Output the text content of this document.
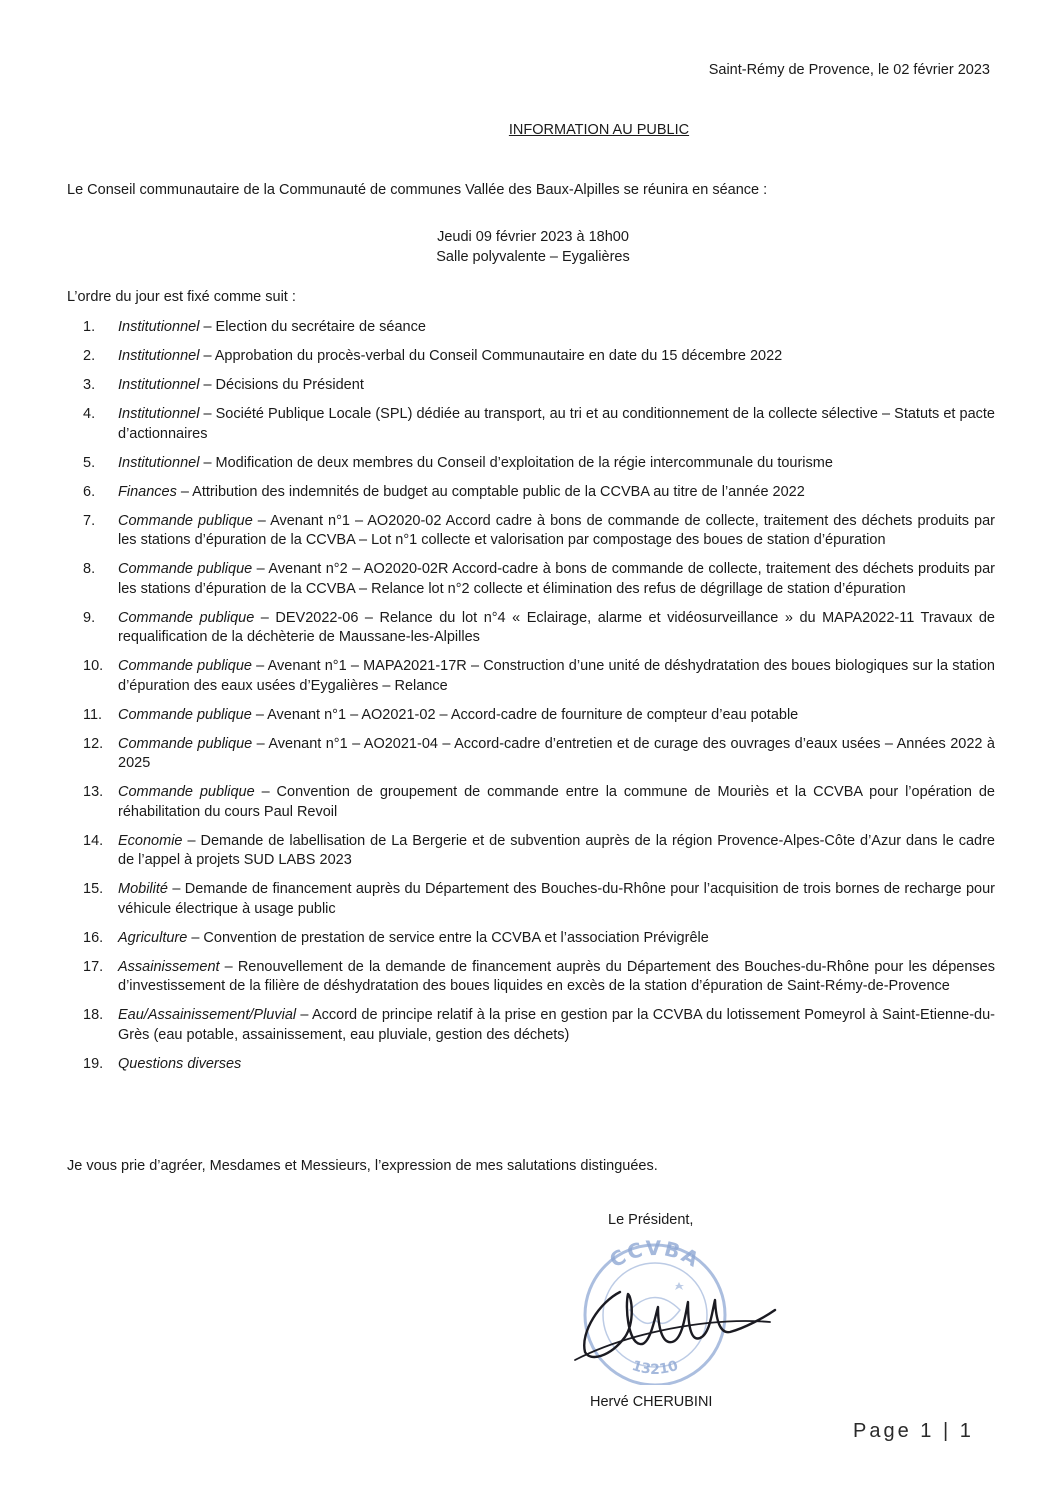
Saint-Rémy de Provence, le 02 février 2023
INFORMATION AU PUBLIC
Le Conseil communautaire de la Communauté de communes Vallée des Baux-Alpilles se réunira en séance :
Jeudi 09 février 2023 à 18h00
Salle polyvalente – Eygalières
L’ordre du jour est fixé comme suit :
1.	Institutionnel – Election du secrétaire de séance
2.	Institutionnel – Approbation du procès-verbal du Conseil Communautaire en date du 15 décembre 2022
3.	Institutionnel – Décisions du Président
4.	Institutionnel – Société Publique Locale (SPL) dédiée au transport, au tri et au conditionnement de la collecte sélective – Statuts et pacte d’actionnaires
5.	Institutionnel – Modification de deux membres du Conseil d’exploitation de la régie intercommunale du tourisme
6.	Finances – Attribution des indemnités de budget au comptable public de la CCVBA au titre de l’année 2022
7.	Commande publique – Avenant n°1 – AO2020-02 Accord cadre à bons de commande de collecte, traitement des déchets produits par les stations d’épuration de la CCVBA – Lot n°1 collecte et valorisation par compostage des boues de station d’épuration
8.	Commande publique – Avenant n°2 – AO2020-02R Accord-cadre à bons de commande de collecte, traitement des déchets produits par les stations d’épuration de la CCVBA – Relance lot n°2 collecte et élimination des refus de dégrillage de station d’épuration
9.	Commande publique – DEV2022-06 – Relance du lot n°4 « Eclairage, alarme et vidéosurveillance » du MAPA2022-11 Travaux de requalification de la déchèterie de Maussane-les-Alpilles
10.	Commande publique – Avenant n°1 – MAPA2021-17R – Construction d’une unité de déshydratation des boues biologiques sur la station d’épuration des eaux usées d’Eygalières – Relance
11.	Commande publique – Avenant n°1 – AO2021-02 – Accord-cadre de fourniture de compteur d’eau potable
12.	Commande publique – Avenant n°1 – AO2021-04 – Accord-cadre d’entretien et de curage des ouvrages d’eaux usées – Années 2022 à 2025
13.	Commande publique – Convention de groupement de commande entre la commune de Mouriès et la CCVBA pour l’opération de réhabilitation du cours Paul Revoil
14.	Economie – Demande de labellisation de La Bergerie et de subvention auprès de la région Provence-Alpes-Côte d’Azur dans le cadre de l’appel à projets SUD LABS 2023
15.	Mobilité – Demande de financement auprès du Département des Bouches-du-Rhône pour l’acquisition de trois bornes de recharge pour véhicule électrique à usage public
16.	Agriculture – Convention de prestation de service entre la CCVBA et l’association Prévigrêle
17.	Assainissement – Renouvellement de la demande de financement auprès du Département des Bouches-du-Rhône pour les dépenses d’investissement de la filière de déshydratation des boues liquides en excès de la station d’épuration de Saint-Rémy-de-Provence
18.	Eau/Assainissement/Pluvial – Accord de principe relatif à la prise en gestion par la CCVBA du lotissement Pomeyrol à Saint-Etienne-du-Grès (eau potable, assainissement, eau pluviale, gestion des déchets)
19.	Questions diverses
Je vous prie d’agréer, Mesdames et Messieurs, l’expression de mes salutations distinguées.
Le Président,
CCVBA
13210
Hervé CHERUBINI
Page 1 | 1
